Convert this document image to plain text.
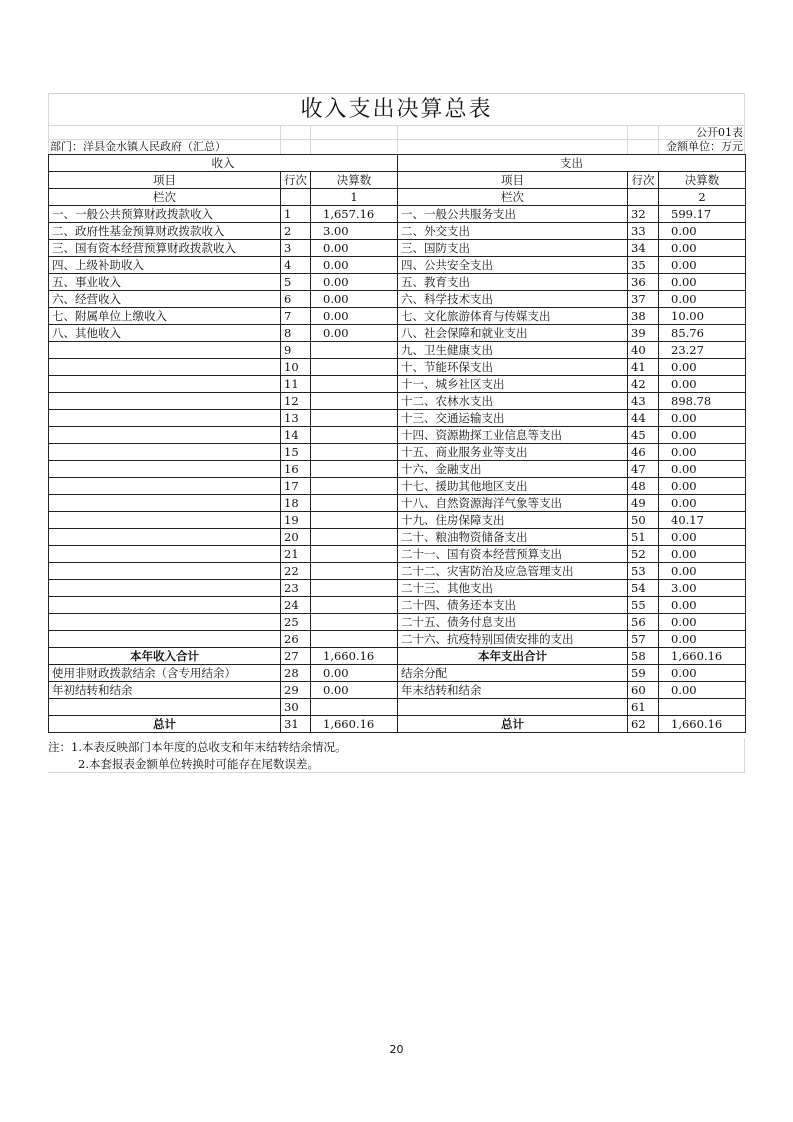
收入支出决算总表
公开01表
部门：洋县金水镇人民政府（汇总）	金额单位：万元
收入			支出		
项目	行次	决算数	项目	行次	决算数
栏次		1	栏次		2
一、一般公共预算财政拨款收入	1	1,657.16	一、一般公共服务支出	32	599.17
二、政府性基金预算财政拨款收入	2	3.00	二、外交支出	33	0.00
三、国有资本经营预算财政拨款收入	3	0.00	三、国防支出	34	0.00
四、上级补助收入	4	0.00	四、公共安全支出	35	0.00
五、事业收入	5	0.00	五、教育支出	36	0.00
六、经营收入	6	0.00	六、科学技术支出	37	0.00
七、附属单位上缴收入	7	0.00	七、文化旅游体育与传媒支出	38	10.00
八、其他收入	8	0.00	八、社会保障和就业支出	39	85.76
	9		九、卫生健康支出	40	23.27
	10		十、节能环保支出	41	0.00
	11		十一、城乡社区支出	42	0.00
	12		十二、农林水支出	43	898.78
	13		十三、交通运输支出	44	0.00
	14		十四、资源勘探工业信息等支出	45	0.00
	15		十五、商业服务业等支出	46	0.00
	16		十六、金融支出	47	0.00
	17		十七、援助其他地区支出	48	0.00
	18		十八、自然资源海洋气象等支出	49	0.00
	19		十九、住房保障支出	50	40.17
	20		二十、粮油物资储备支出	51	0.00
	21		二十一、国有资本经营预算支出	52	0.00
	22		二十二、灾害防治及应急管理支出	53	0.00
	23		二十三、其他支出	54	3.00
	24		二十四、债务还本支出	55	0.00
	25		二十五、债务付息支出	56	0.00
	26		二十六、抗疫特别国债安排的支出	57	0.00
本年收入合计	27	1,660.16	本年支出合计	58	1,660.16
使用非财政拨款结余（含专用结余）	28	0.00	结余分配	59	0.00
年初结转和结余	29	0.00	年末结转和结余	60	0.00
	30			61	
总计	31	1,660.16	总计	62	1,660.16
注：1.本表反映部门本年度的总收支和年末结转结余情况。
2.本套报表金额单位转换时可能存在尾数误差。
20
